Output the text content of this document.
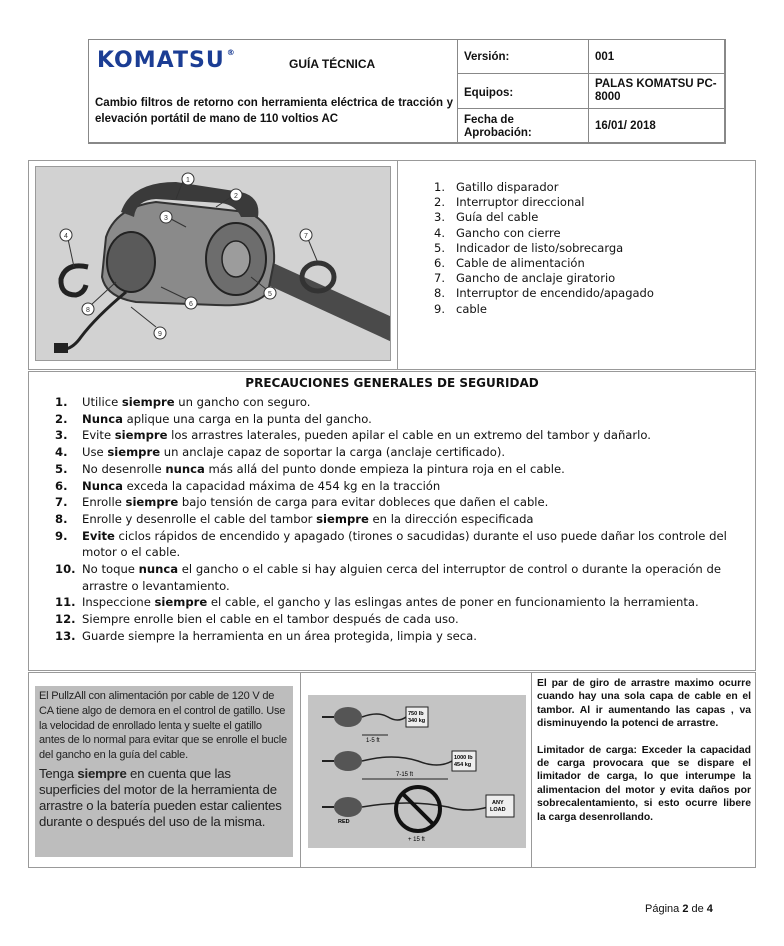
KOMATSU ®
GUÍA TÉCNICA
Cambio filtros de retorno con herramienta eléctrica de tracción y elevación portátil de mano de 110 voltios AC
Versión:	001
Equipos:
PALAS KOMATSU PC-8000
Fecha de Aprobación:
16/01/ 2018
1
2
3
4
5
6
7
8
9
1. Gatillo disparador
2. Interruptor direccional
3. Guía del cable
4. Gancho con cierre
5. Indicador de listo/sobrecarga
6. Cable de alimentación
7. Gancho de anclaje giratorio
8. Interruptor de encendido/apagado
9. cable
PRECAUCIONES GENERALES DE SEGURIDAD
1. Utilice siempre un gancho con seguro.
2. Nunca aplique una carga en la punta del gancho.
3. Evite siempre los arrastres laterales, pueden apilar el cable en un extremo del tambor y dañarlo.
4. Use siempre un anclaje capaz de soportar la carga (anclaje certificado).
5. No desenrolle nunca más allá del punto donde empieza la pintura roja en el cable.
6. Nunca exceda la capacidad máxima de 454 kg en la tracción
7. Enrolle siempre bajo tensión de carga para evitar dobleces que dañen el cable.
8. Enrolle y desenrolle el cable del tambor siempre en la dirección especificada
9. Evite ciclos rápidos de encendido y apagado (tirones o sacudidas) durante el uso puede dañar los controle del motor o el cable.
10. No toque nunca el gancho o el cable si hay alguien cerca del interruptor de control o durante la operación de arrastre o levantamiento.
11. Inspeccione siempre el cable, el gancho y las eslingas antes de poner en funcionamiento la herramienta.
12. Siempre enrolle bien el cable en el tambor después de cada uso.
13. Guarde siempre la herramienta en un área protegida, limpia y seca.
El PullzAll con alimentación por cable de 120 V de CA tiene algo de demora en el control de gatillo. Use la velocidad de enrollado lenta y suelte el gatillo antes de lo normal para evitar que se enrolle el bucle del gancho en la guía del cable.
Tenga siempre en cuenta que las superficies del motor de la herramienta de arrastre o la batería pueden estar calientes durante o después del uso de la misma.
750 lb
340 kg
1-5 ft
1000 lb
454 kg
7-15 ft
RED
ANY
LOAD
+ 15 ft

El par de giro de arrastre maximo ocurre cuando hay una sola capa de cable en el tambor. Al ir aumentando las capas , va disminuyendo la potenci de arrastre.

Limitador de carga: Exceder la capacidad de carga provocara que se dispare el limitador de carga, lo que interumpe la alimentacion del motor y evita daños por sobrecalentamiento, si esto ocurre libere la carga desenrollando.

Página 2 de 4
